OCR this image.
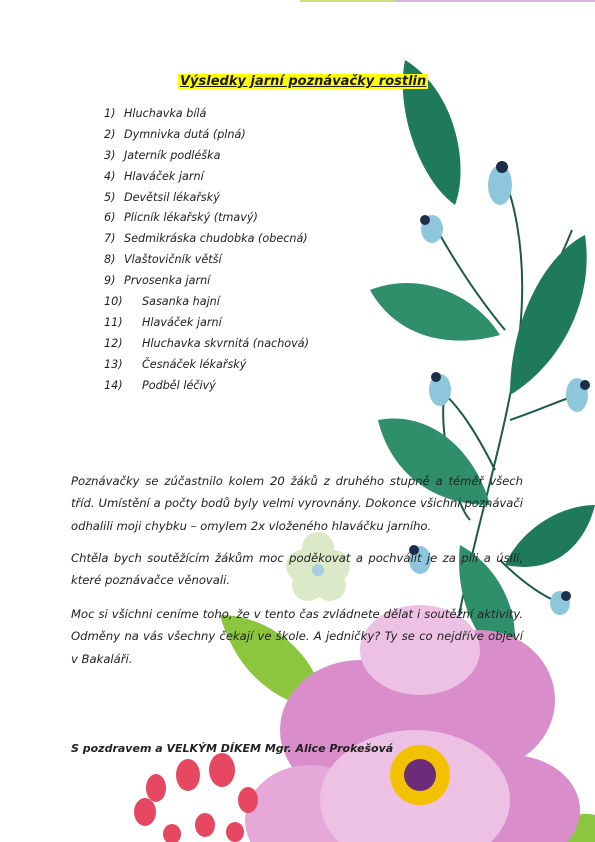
Výsledky jarní poznávačky rostlin
1) Hluchavka bílá
2) Dymnivka dutá (plná)
3) Jaterník podléška
4) Hlaváček jarní
5) Devětsil lékařský
6) Plicník lékařský (tmavý)
7) Sedmikráska chudobka (obecná)
8) Vlaštovičník větší
9) Prvosenka jarní
10)	Sasanka hajní
11)	Hlaváček jarní
12)	Hluchavka skvrnitá (nachová)
13)	Česnáček lékařský
14)	Podběl léčivý

Poznávačky se zúčastnilo kolem 20 žáků z druhého stupně a téměř všech tříd. Umístění a počty bodů byly velmi vyrovnány. Dokonce všichni poznávači odhalili moji chybku – omylem 2x vloženého hlaváčku jarního.

Chtěla bych soutěžícím žákům moc poděkovat a pochválit je za píli a úsilí, které poznávačce věnovali.

Moc si všichni ceníme toho, že v tento čas zvládnete dělat i soutěžní aktivity. Odměny na vás všechny čekají ve škole. A jedničky? Ty se co nejdříve objeví v Bakaláři.

S pozdravem a VELKÝM DÍKEM Mgr. Alice Prokešová
